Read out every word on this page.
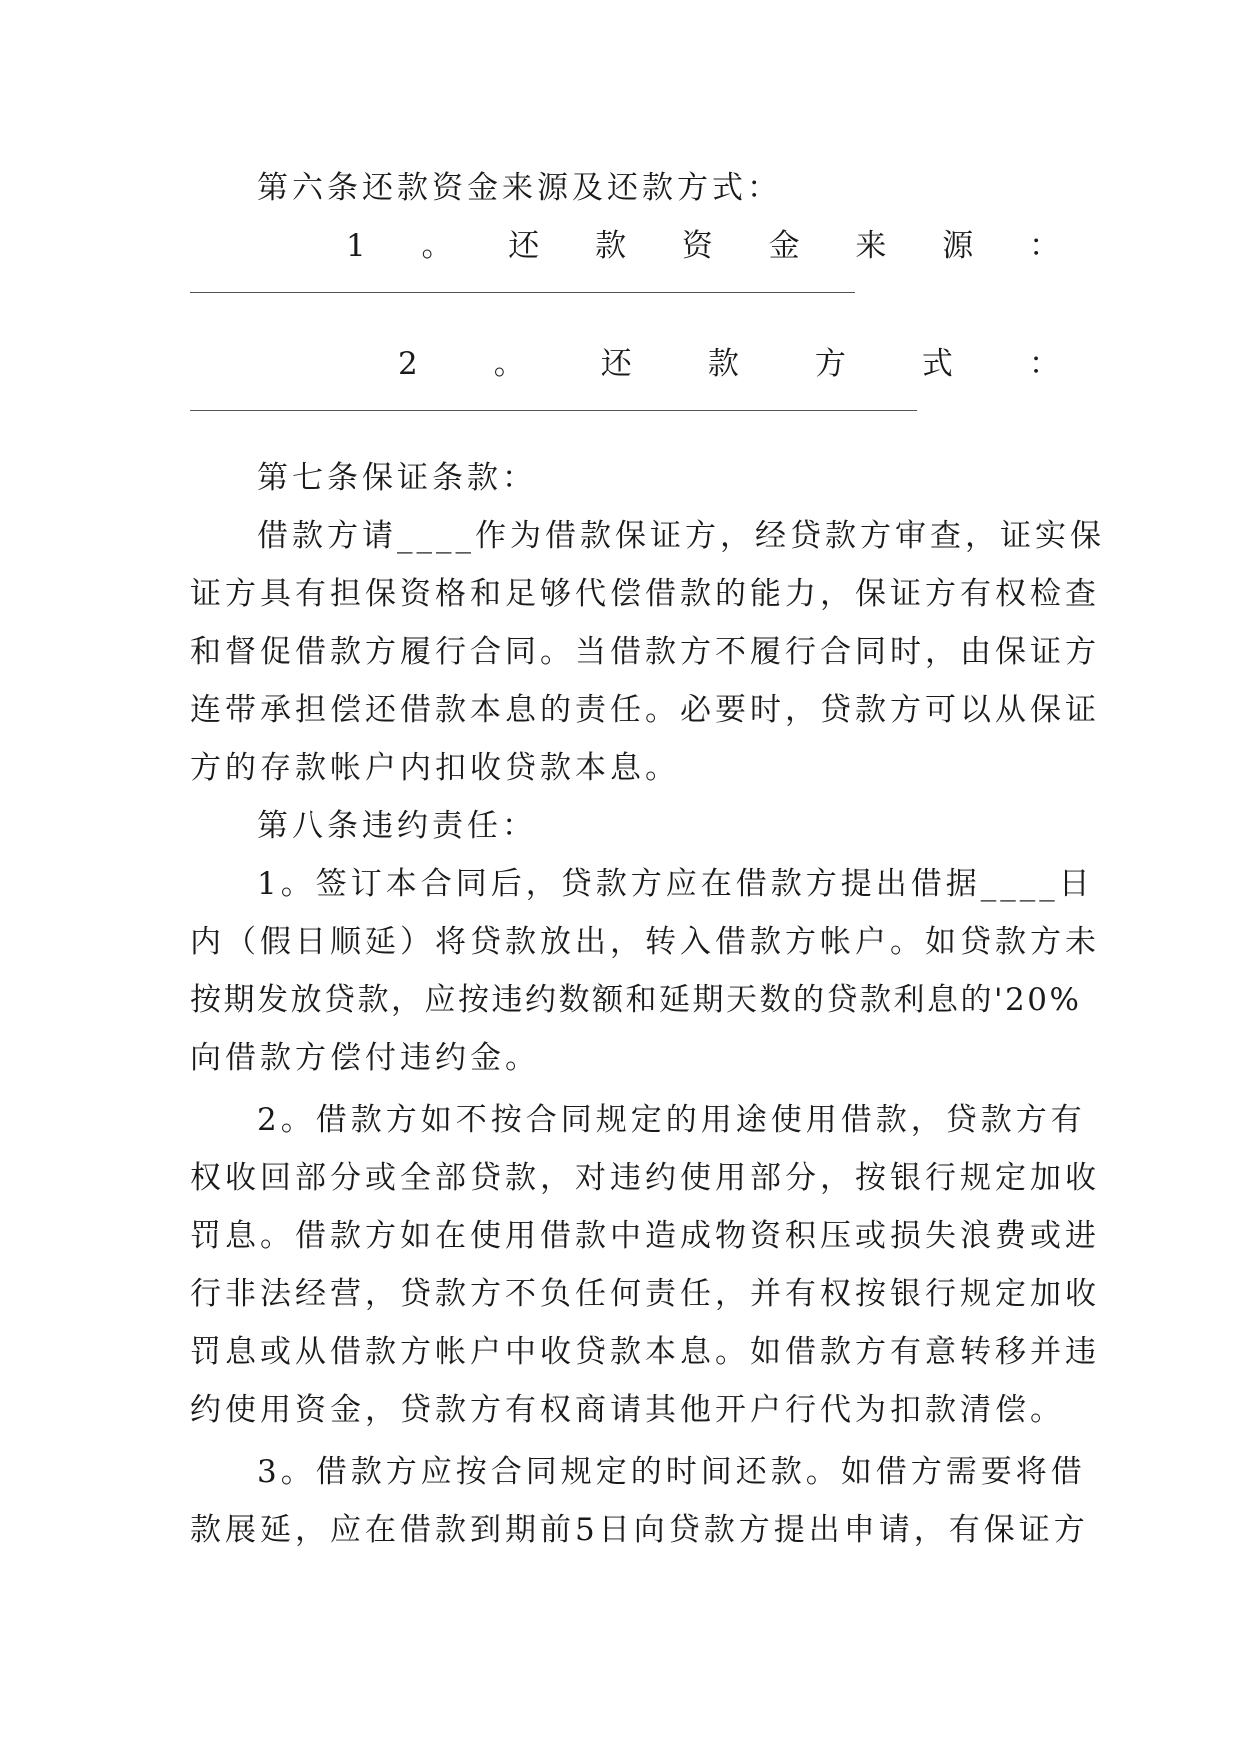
第六条还款资金来源及还款方式：
1 。 还 款 资 金 来 源 ：
2 。 还 款 方 式 ：
第七条保证条款：
借款方请____作为借款保证方，经贷款方审查，证实保
证方具有担保资格和足够代偿借款的能力，保证方有权检查
和督促借款方履行合同。当借款方不履行合同时，由保证方
连带承担偿还借款本息的责任。必要时，贷款方可以从保证
方的存款帐户内扣收贷款本息。
第八条违约责任：
1。签订本合同后，贷款方应在借款方提出借据____日
内（假日顺延）将贷款放出，转入借款方帐户。如贷款方未
按期发放贷款，应按违约数额和延期天数的贷款利息的'20%
向借款方偿付违约金。
2。借款方如不按合同规定的用途使用借款，贷款方有
权收回部分或全部贷款，对违约使用部分，按银行规定加收
罚息。借款方如在使用借款中造成物资积压或损失浪费或进
行非法经营，贷款方不负任何责任，并有权按银行规定加收
罚息或从借款方帐户中收贷款本息。如借款方有意转移并违
约使用资金，贷款方有权商请其他开户行代为扣款清偿。
3。借款方应按合同规定的时间还款。如借方需要将借
款展延，应在借款到期前5日向贷款方提出申请，有保证方
